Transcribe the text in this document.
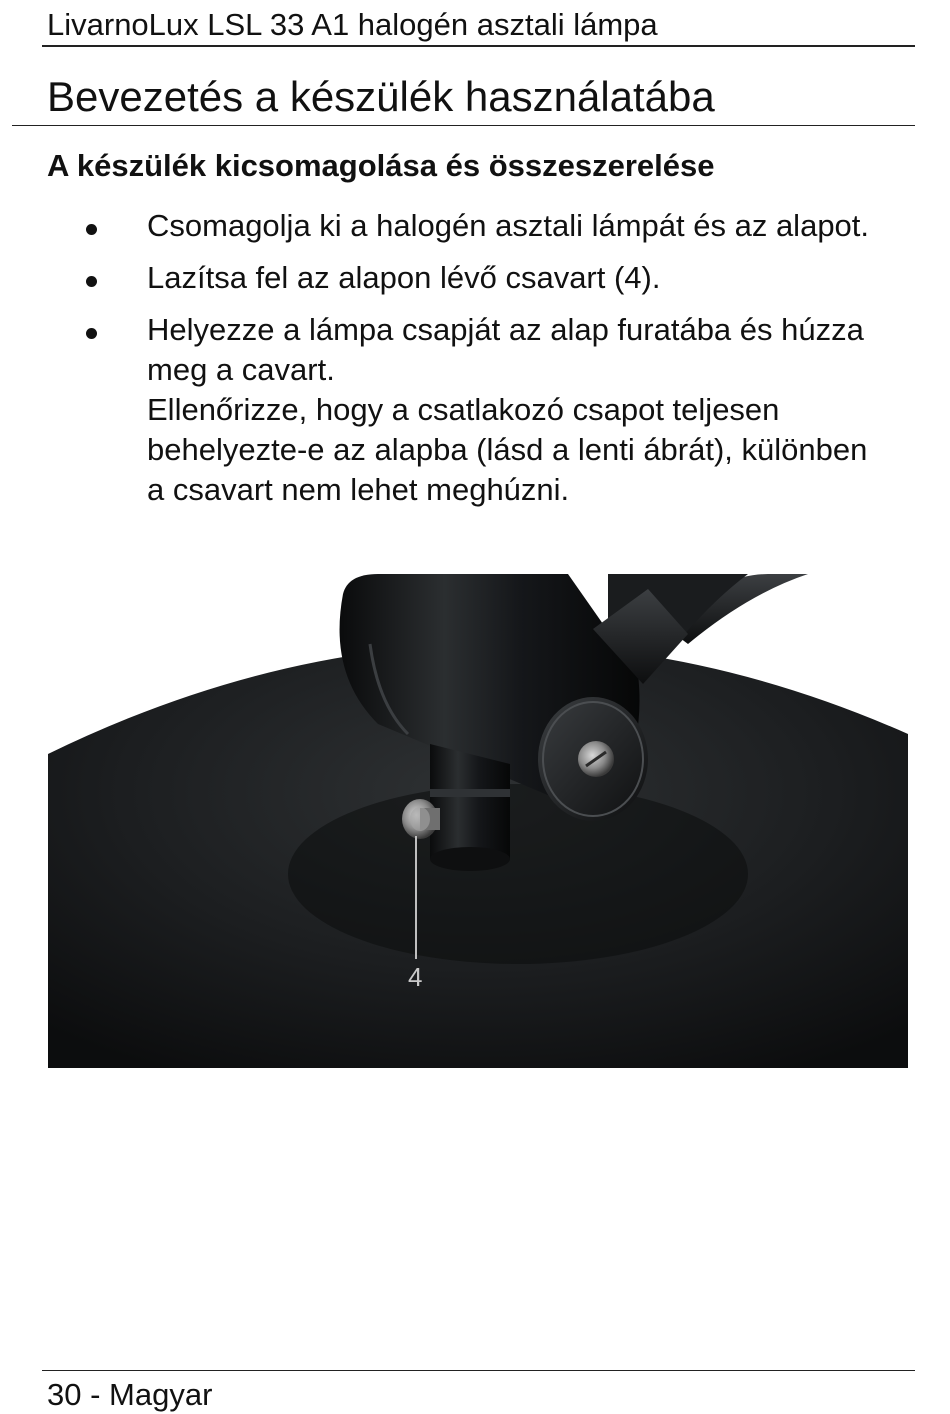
LivarnoLux LSL 33 A1 halogén asztali lámpa
Bevezetés a készülék használatába
A készülék kicsomagolása és összeszerelése
Csomagolja ki a halogén asztali lámpát és az alapot.
Lazítsa fel az alapon lévő csavart (4).
Helyezze a lámpa csapját az alap furatába és húzza
meg a cavart.
Ellenőrizze, hogy a csatlakozó csapot teljesen
behelyezte-e az alapba (lásd a lenti ábrát), különben
a csavart nem lehet meghúzni.
4
30 - Magyar
